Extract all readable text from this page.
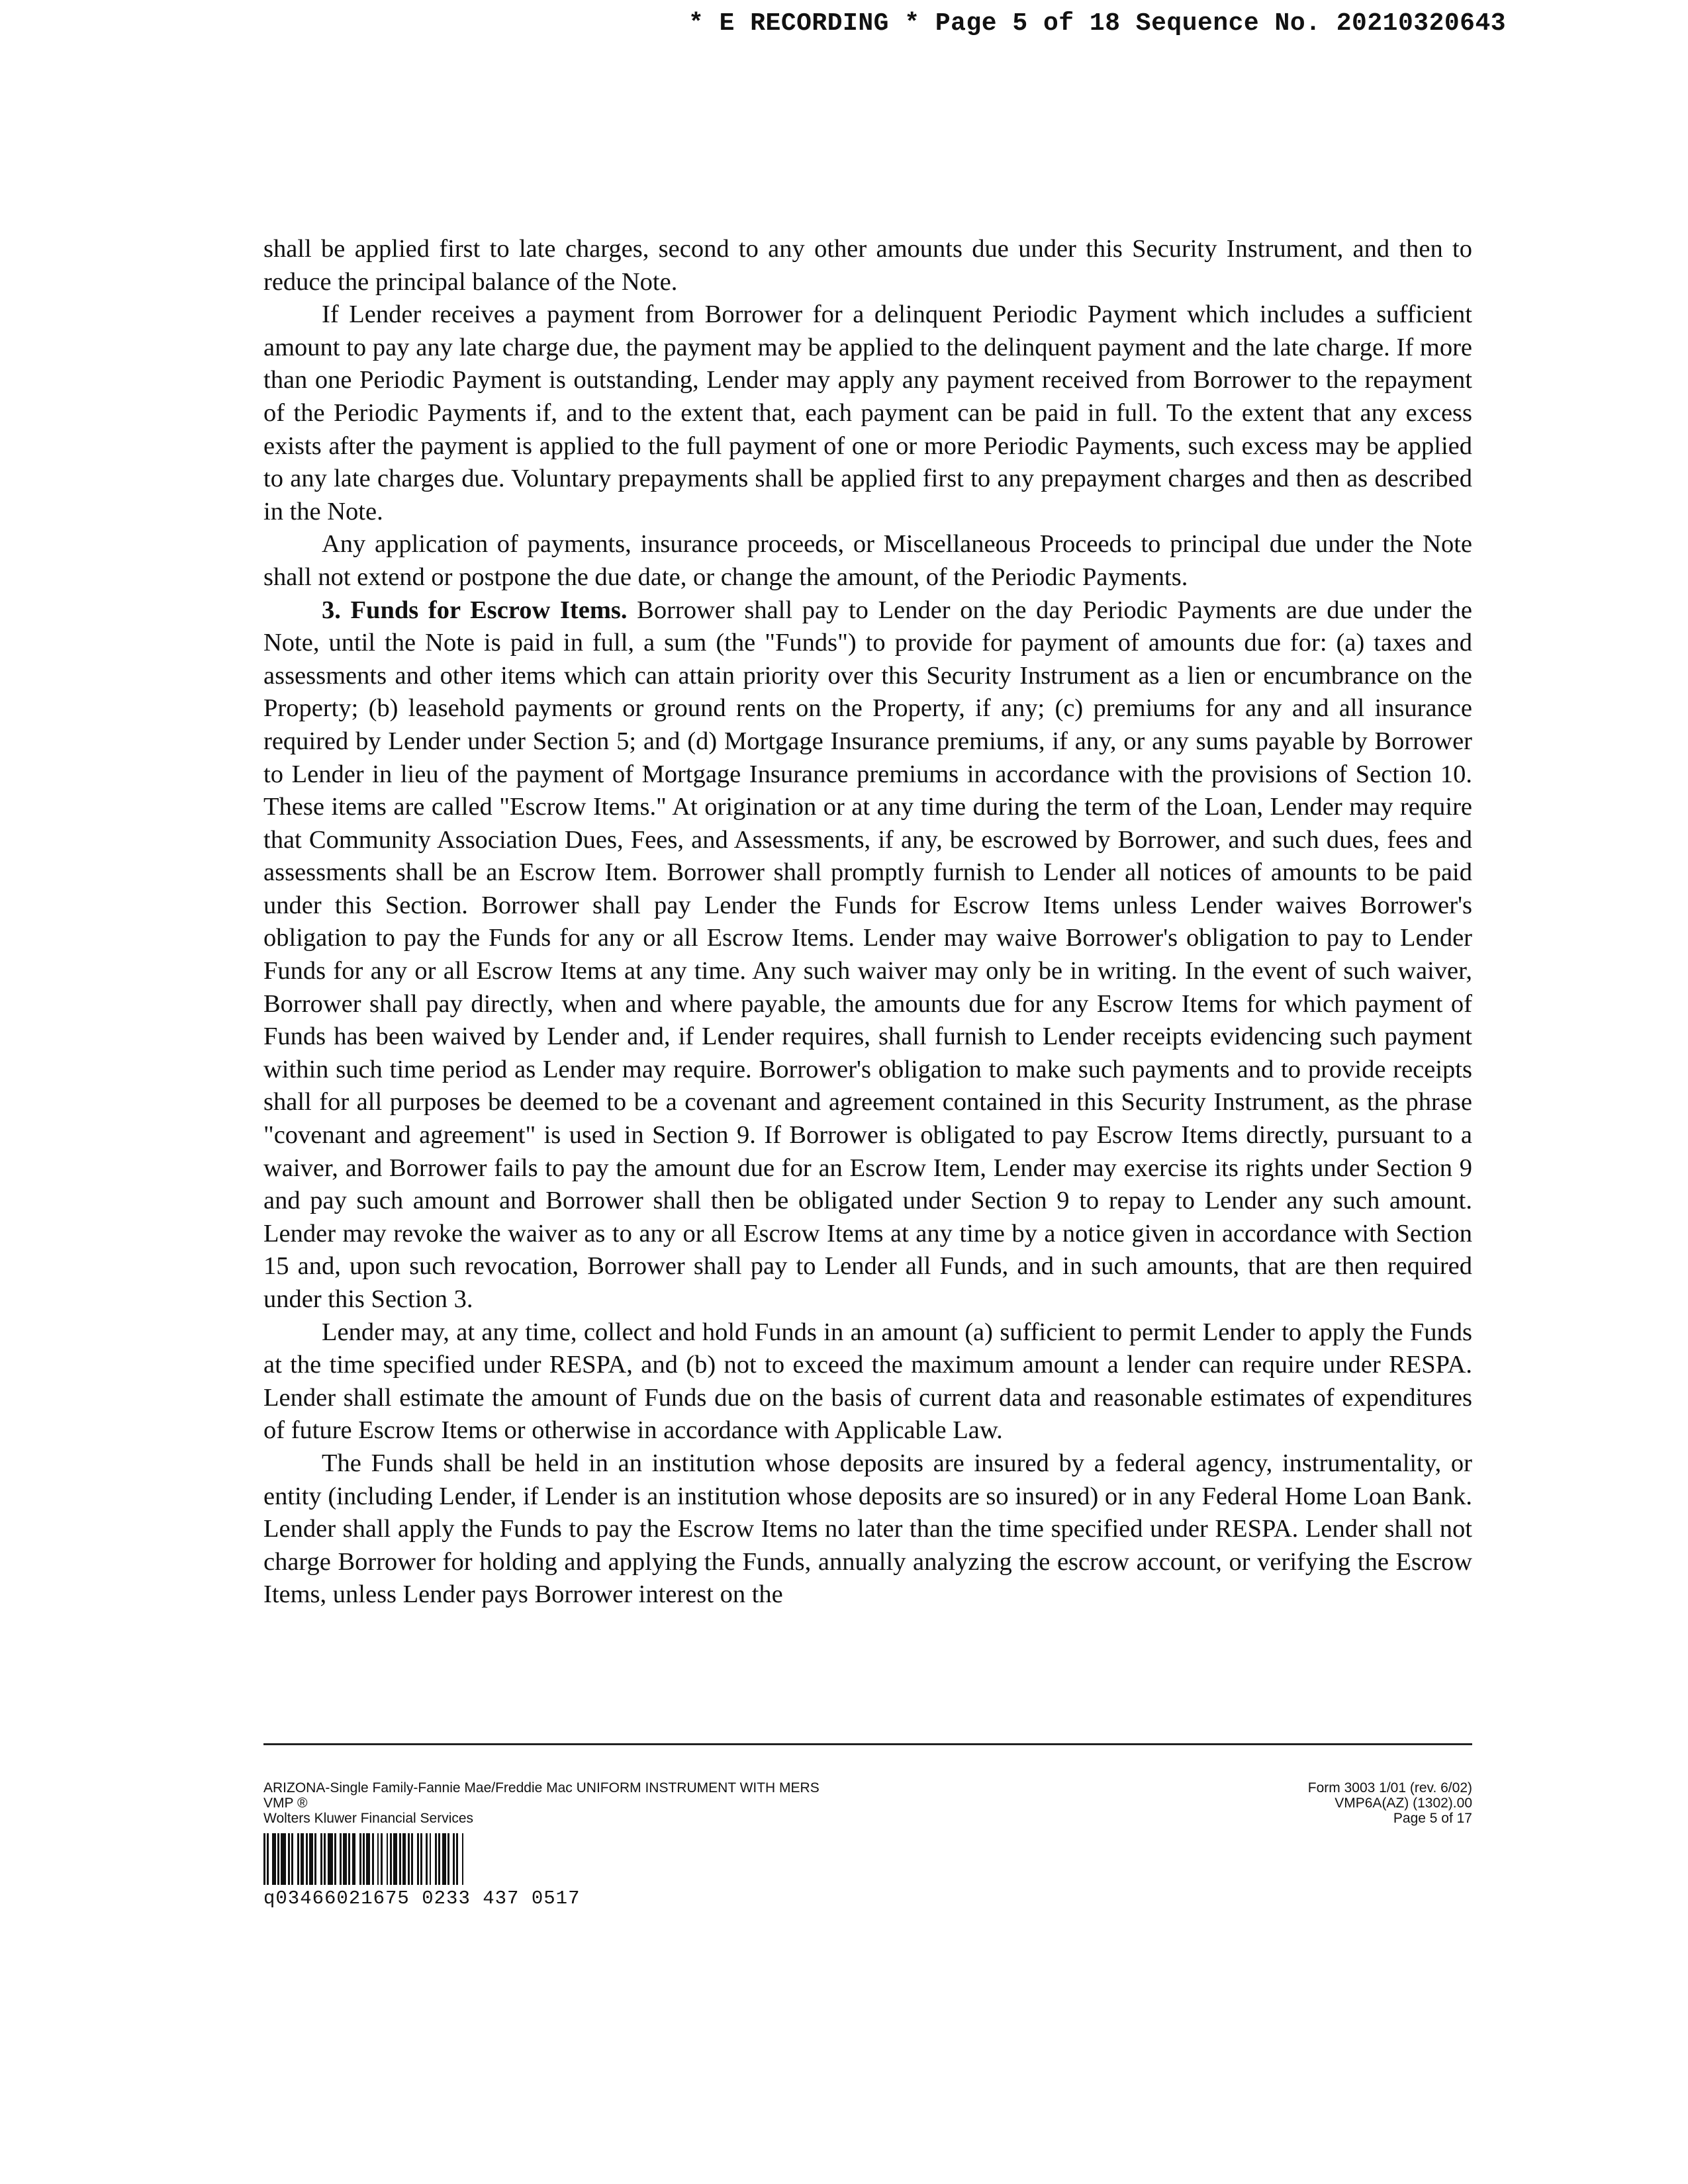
* E RECORDING * Page 5 of 18 Sequence No. 20210320643

shall be applied first to late charges, second to any other amounts due under this Security Instrument, and then to reduce the principal balance of the Note.

If Lender receives a payment from Borrower for a delinquent Periodic Payment which includes a sufficient amount to pay any late charge due, the payment may be applied to the delinquent payment and the late charge. If more than one Periodic Payment is outstanding, Lender may apply any payment received from Borrower to the repayment of the Periodic Payments if, and to the extent that, each payment can be paid in full. To the extent that any excess exists after the payment is applied to the full payment of one or more Periodic Payments, such excess may be applied to any late charges due. Voluntary prepayments shall be applied first to any prepayment charges and then as described in the Note.

Any application of payments, insurance proceeds, or Miscellaneous Proceeds to principal due under the Note shall not extend or postpone the due date, or change the amount, of the Periodic Payments.

3. Funds for Escrow Items. Borrower shall pay to Lender on the day Periodic Payments are due under the Note, until the Note is paid in full, a sum (the "Funds") to provide for payment of amounts due for: (a) taxes and assessments and other items which can attain priority over this Security Instrument as a lien or encumbrance on the Property; (b) leasehold payments or ground rents on the Property, if any; (c) premiums for any and all insurance required by Lender under Section 5; and (d) Mortgage Insurance premiums, if any, or any sums payable by Borrower to Lender in lieu of the payment of Mortgage Insurance premiums in accordance with the provisions of Section 10. These items are called "Escrow Items." At origination or at any time during the term of the Loan, Lender may require that Community Association Dues, Fees, and Assessments, if any, be escrowed by Borrower, and such dues, fees and assessments shall be an Escrow Item. Borrower shall promptly furnish to Lender all notices of amounts to be paid under this Section. Borrower shall pay Lender the Funds for Escrow Items unless Lender waives Borrower's obligation to pay the Funds for any or all Escrow Items. Lender may waive Borrower's obligation to pay to Lender Funds for any or all Escrow Items at any time. Any such waiver may only be in writing. In the event of such waiver, Borrower shall pay directly, when and where payable, the amounts due for any Escrow Items for which payment of Funds has been waived by Lender and, if Lender requires, shall furnish to Lender receipts evidencing such payment within such time period as Lender may require. Borrower's obligation to make such payments and to provide receipts shall for all purposes be deemed to be a covenant and agreement contained in this Security Instrument, as the phrase "covenant and agreement" is used in Section 9. If Borrower is obligated to pay Escrow Items directly, pursuant to a waiver, and Borrower fails to pay the amount due for an Escrow Item, Lender may exercise its rights under Section 9 and pay such amount and Borrower shall then be obligated under Section 9 to repay to Lender any such amount. Lender may revoke the waiver as to any or all Escrow Items at any time by a notice given in accordance with Section 15 and, upon such revocation, Borrower shall pay to Lender all Funds, and in such amounts, that are then required under this Section 3.

Lender may, at any time, collect and hold Funds in an amount (a) sufficient to permit Lender to apply the Funds at the time specified under RESPA, and (b) not to exceed the maximum amount a lender can require under RESPA. Lender shall estimate the amount of Funds due on the basis of current data and reasonable estimates of expenditures of future Escrow Items or otherwise in accordance with Applicable Law.

The Funds shall be held in an institution whose deposits are insured by a federal agency, instrumentality, or entity (including Lender, if Lender is an institution whose deposits are so insured) or in any Federal Home Loan Bank. Lender shall apply the Funds to pay the Escrow Items no later than the time specified under RESPA. Lender shall not charge Borrower for holding and applying the Funds, annually analyzing the escrow account, or verifying the Escrow Items, unless Lender pays Borrower interest on the

ARIZONA-Single Family-Fannie Mae/Freddie Mac UNIFORM INSTRUMENT WITH MERS
VMP ®
Wolters Kluwer Financial Services
Form 3003 1/01 (rev. 6/02)
VMP6A(AZ) (1302).00
Page 5 of 17
q03466021675 0233 437 0517
